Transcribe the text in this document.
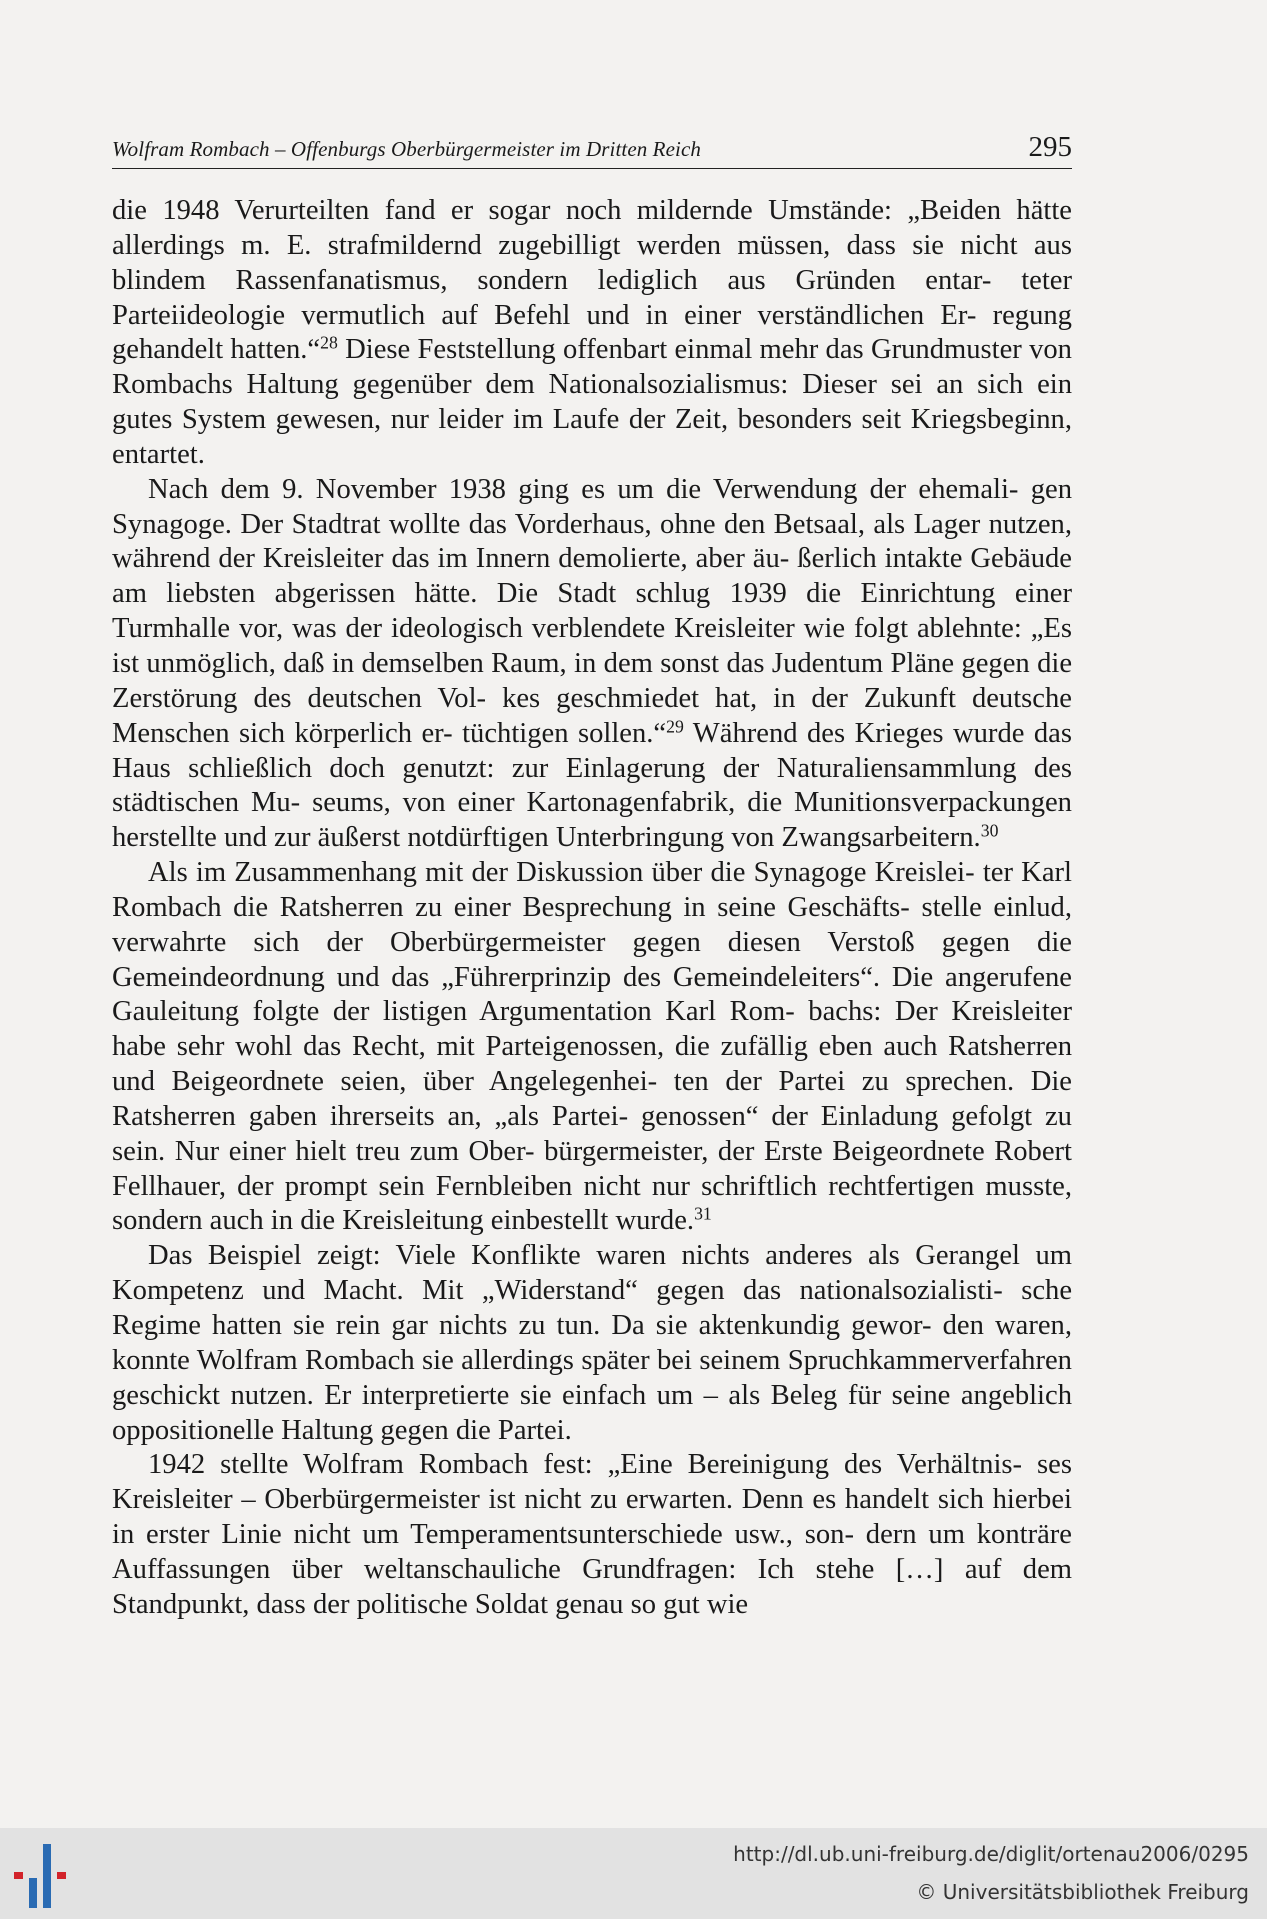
Wolfram Rombach – Offenburgs Oberbürgermeister im Dritten Reich	295

die 1948 Verurteilten fand er sogar noch mildernde Umstände: „Beiden hätte allerdings m. E. strafmildernd zugebilligt werden müssen, dass sie nicht aus blindem Rassenfanatismus, sondern lediglich aus Gründen entar- teter Parteiideologie vermutlich auf Befehl und in einer verständlichen Er- regung gehandelt hatten.“$^{28}$ Diese Feststellung offenbart einmal mehr das Grundmuster von Rombachs Haltung gegenüber dem Nationalsozialismus: Dieser sei an sich ein gutes System gewesen, nur leider im Laufe der Zeit, besonders seit Kriegsbeginn, entartet.

Nach dem 9. November 1938 ging es um die Verwendung der ehemali- gen Synagoge. Der Stadtrat wollte das Vorderhaus, ohne den Betsaal, als Lager nutzen, während der Kreisleiter das im Innern demolierte, aber äu- ßerlich intakte Gebäude am liebsten abgerissen hätte. Die Stadt schlug 1939 die Einrichtung einer Turmhalle vor, was der ideologisch verblendete Kreisleiter wie folgt ablehnte: „Es ist unmöglich, daß in demselben Raum, in dem sonst das Judentum Pläne gegen die Zerstörung des deutschen Vol- kes geschmiedet hat, in der Zukunft deutsche Menschen sich körperlich er- tüchtigen sollen.“$^{29}$ Während des Krieges wurde das Haus schließlich doch genutzt: zur Einlagerung der Naturaliensammlung des städtischen Mu- seums, von einer Kartonagenfabrik, die Munitionsverpackungen herstellte und zur äußerst notdürftigen Unterbringung von Zwangsarbeitern.$^{30}$

Als im Zusammenhang mit der Diskussion über die Synagoge Kreislei- ter Karl Rombach die Ratsherren zu einer Besprechung in seine Geschäfts- stelle einlud, verwahrte sich der Oberbürgermeister gegen diesen Verstoß gegen die Gemeindeordnung und das „Führerprinzip des Gemeindeleiters“. Die angerufene Gauleitung folgte der listigen Argumentation Karl Rom- bachs: Der Kreisleiter habe sehr wohl das Recht, mit Parteigenossen, die zufällig eben auch Ratsherren und Beigeordnete seien, über Angelegenhei- ten der Partei zu sprechen. Die Ratsherren gaben ihrerseits an, „als Partei- genossen“ der Einladung gefolgt zu sein. Nur einer hielt treu zum Ober- bürgermeister, der Erste Beigeordnete Robert Fellhauer, der prompt sein Fernbleiben nicht nur schriftlich rechtfertigen musste, sondern auch in die Kreisleitung einbestellt wurde.$^{31}$

Das Beispiel zeigt: Viele Konflikte waren nichts anderes als Gerangel um Kompetenz und Macht. Mit „Widerstand“ gegen das nationalsozialisti- sche Regime hatten sie rein gar nichts zu tun. Da sie aktenkundig gewor- den waren, konnte Wolfram Rombach sie allerdings später bei seinem Spruchkammerverfahren geschickt nutzen. Er interpretierte sie einfach um – als Beleg für seine angeblich oppositionelle Haltung gegen die Partei.

1942 stellte Wolfram Rombach fest: „Eine Bereinigung des Verhältnis- ses Kreisleiter – Oberbürgermeister ist nicht zu erwarten. Denn es handelt sich hierbei in erster Linie nicht um Temperamentsunterschiede usw., son- dern um konträre Auffassungen über weltanschauliche Grundfragen: Ich stehe […] auf dem Standpunkt, dass der politische Soldat genau so gut wie

http://dl.ub.uni-freiburg.de/diglit/ortenau2006/0295
© Universitätsbibliothek Freiburg
